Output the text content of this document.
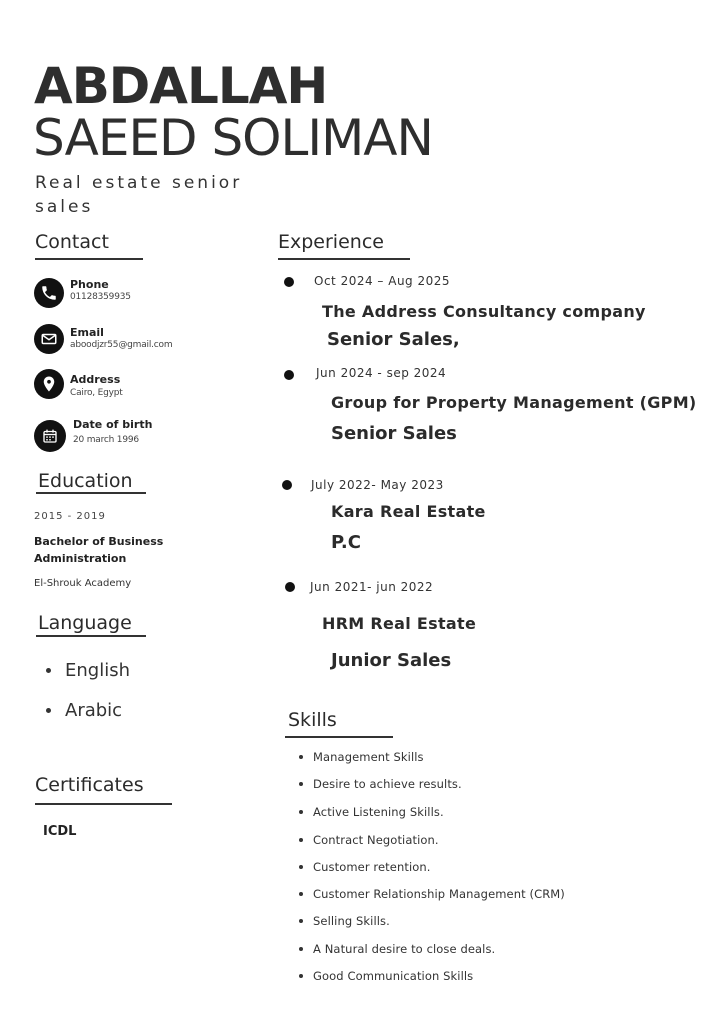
ABDALLAH
SAEED SOLIMAN
Real estate senior sales
Contact
Phone
01128359935
Email
aboodjzr55@gmail.com
Address
Cairo, Egypt
Date of birth
20 march 1996
Education
2015 - 2019
Bachelor of Business Administration
El-Shrouk Academy
Language
English
Arabic
Certificates
ICDL
Experience
Oct 2024 – Aug 2025
The Address Consultancy company
Senior Sales,
Jun 2024 - sep 2024
Group for Property Management (GPM)
Senior Sales
July 2022- May 2023
Kara Real Estate
P.C
Jun 2021- jun 2022
HRM Real Estate
Junior Sales
Skills
Management Skills
Desire to achieve results.
Active Listening Skills.
Contract Negotiation.
Customer retention.
Customer Relationship Management (CRM)
Selling Skills.
A Natural desire to close deals.
Good Communication Skills
